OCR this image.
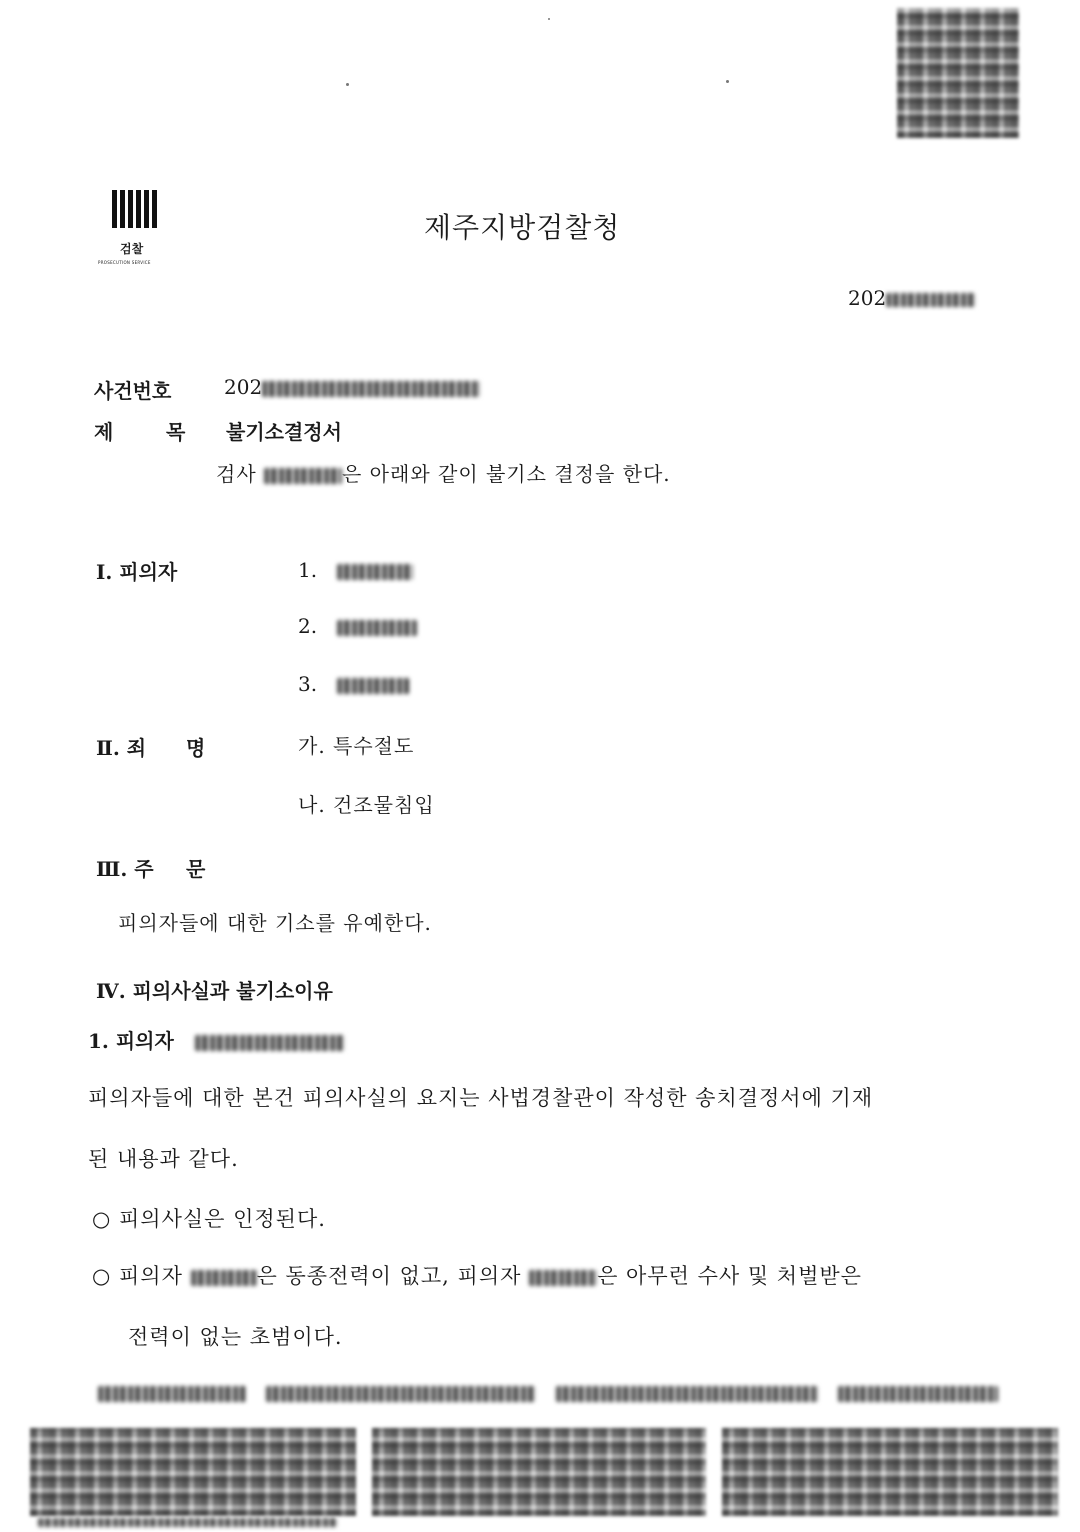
검찰
PROSECUTION SERVICE
제주지방검찰청
202
사건번호	202
제	목 불기소결정서
검사	은 아래와 같이 불기소 결정을 한다.
Ⅰ. 피의자	1.
2.
3.
Ⅱ. 죄 명	가. 특수절도
나. 건조물침입
Ⅲ. 주 문
피의자들에 대한 기소를 유예한다.
Ⅳ. 피의사실과 불기소이유
1. 피의자
피의자들에 대한 본건 피의사실의 요지는 사법경찰관이 작성한 송치결정서에 기재
된 내용과 같다.
○ 피의사실은 인정된다.
○ 피의자	은 동종전력이 없고, 피의자	은 아무런 수사 및 처벌받은
전력이 없는 초범이다.
